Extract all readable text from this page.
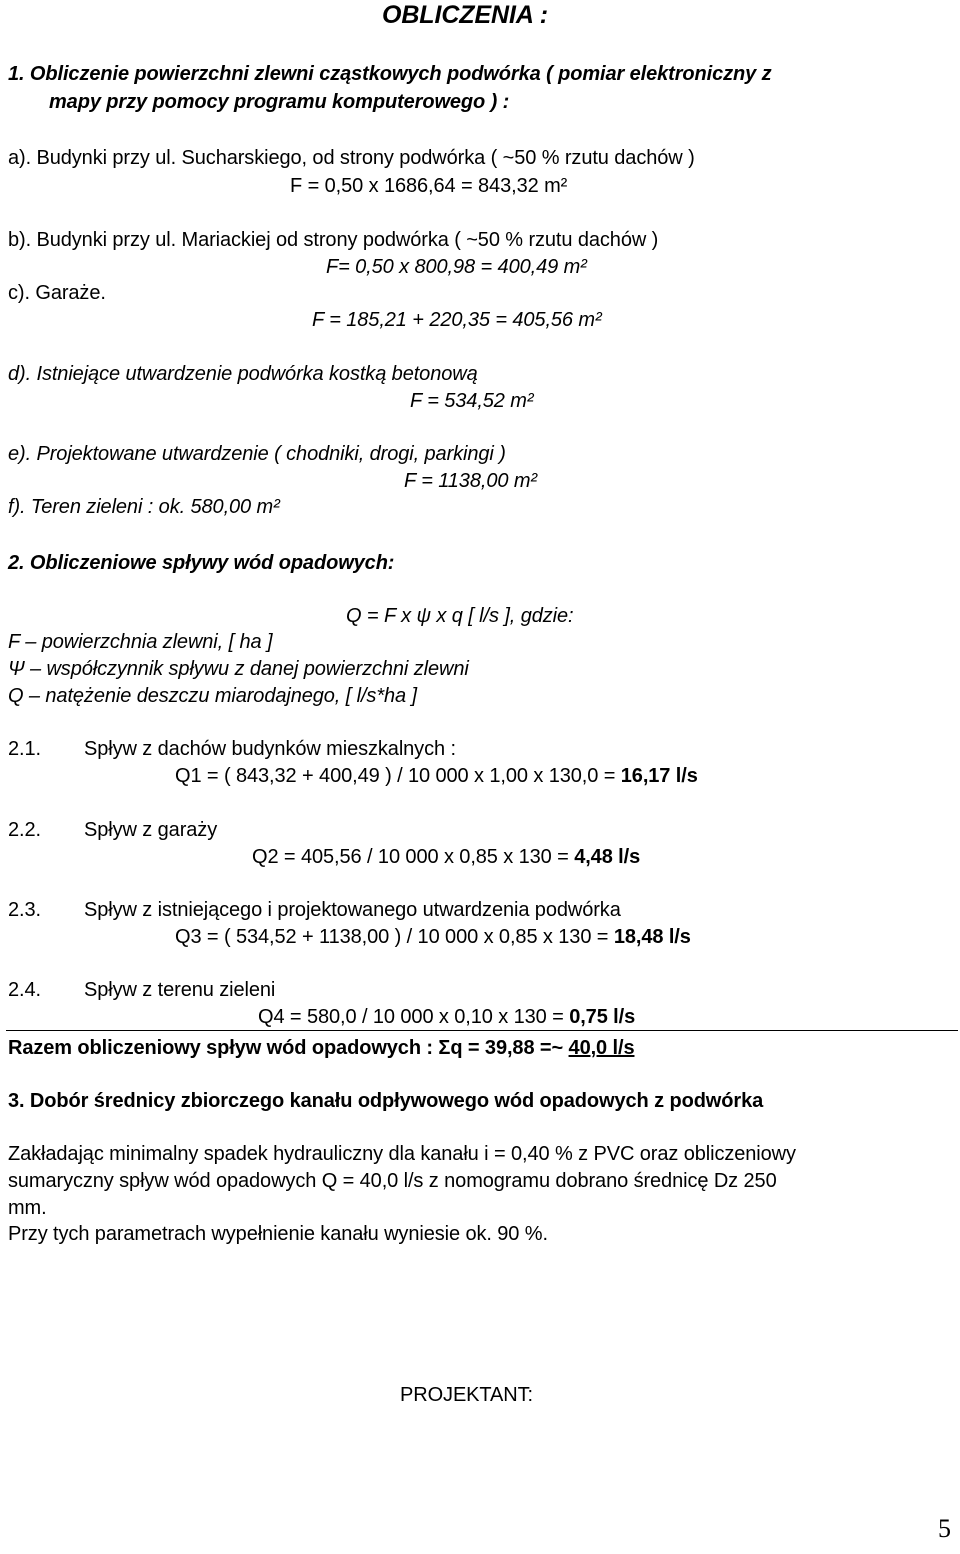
OBLICZENIA :
1. Obliczenie powierzchni zlewni cząstkowych podwórka ( pomiar elektroniczny z
mapy przy pomocy programu komputerowego ) :
a). Budynki przy ul. Sucharskiego, od strony podwórka ( ~50 % rzutu dachów )
F = 0,50 x 1686,64 = 843,32 m²
b). Budynki przy ul. Mariackiej od strony podwórka ( ~50 % rzutu dachów )
F= 0,50 x 800,98 = 400,49 m²
c). Garaże.
F = 185,21 + 220,35 = 405,56 m²
d). Istniejące utwardzenie podwórka kostką betonową
F = 534,52 m²
e). Projektowane utwardzenie ( chodniki, drogi, parkingi )
F = 1138,00 m²
f). Teren zieleni : ok. 580,00 m²
2. Obliczeniowe spływy wód opadowych:
Q = F x ψ x q [ l/s ], gdzie:
F – powierzchnia zlewni, [ ha ]
Ψ – współczynnik spływu z danej powierzchni zlewni
Q – natężenie deszczu miarodajnego, [ l/s*ha ]
2.1. Spływ z dachów budynków mieszkalnych :
Q1 = ( 843,32 + 400,49 ) / 10 000 x 1,00 x 130,0 = 16,17 l/s
2.2. Spływ z garaży
Q2 = 405,56 / 10 000 x 0,85 x 130 = 4,48 l/s
2.3. Spływ z istniejącego i projektowanego utwardzenia podwórka
Q3 = ( 534,52 + 1138,00 ) / 10 000 x 0,85 x 130 = 18,48 l/s
2.4. Spływ z terenu zieleni
Q4 = 580,0 / 10 000 x 0,10 x 130 = 0,75 l/s
Razem obliczeniowy spływ wód opadowych : Σq = 39,88 =~ 40,0 l/s
3. Dobór średnicy zbiorczego kanału odpływowego wód opadowych z podwórka
Zakładając minimalny spadek hydrauliczny dla kanału i = 0,40 % z PVC oraz obliczeniowy
sumaryczny spływ wód opadowych Q = 40,0 l/s z nomogramu dobrano średnicę Dz 250
mm.
Przy tych parametrach wypełnienie kanału wyniesie ok. 90 %.
PROJEKTANT:
5
